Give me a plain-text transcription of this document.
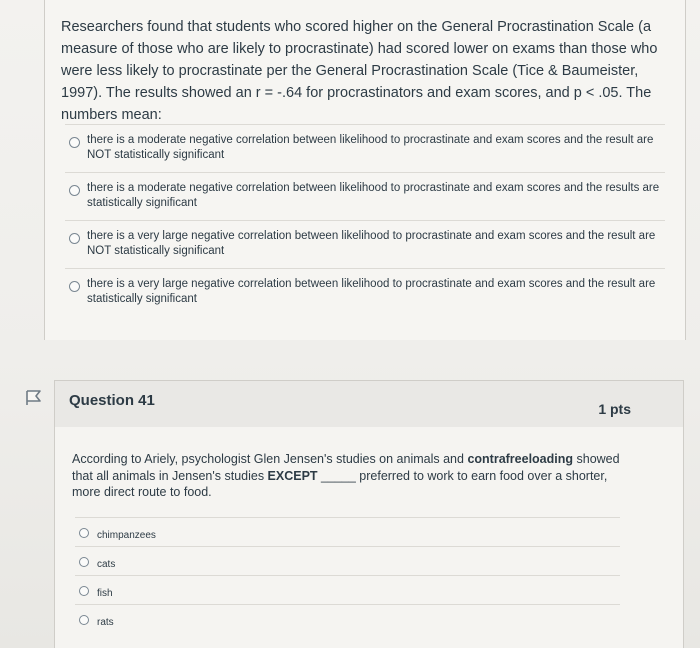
Researchers found that students who scored higher on the General Procrastination Scale (a measure of those who are likely to procrastinate) had scored lower on exams than those who were less likely to procrastinate per the General Procrastination Scale (Tice & Baumeister, 1997). The results showed an r = -.64 for procrastinators and exam scores, and p < .05. The numbers mean:
there is a moderate negative correlation between likelihood to procrastinate and exam scores and the result are NOT statistically significant
there is a moderate negative correlation between likelihood to procrastinate and exam scores and the results are statistically significant
there is a very large negative correlation between likelihood to procrastinate and exam scores and the result are NOT statistically significant
there is a very large negative correlation between likelihood to procrastinate and exam scores and the result are statistically significant
Question 41	1 pts
According to Ariely, psychologist Glen Jensen's studies on animals and contrafreeloading showed that all animals in Jensen's studies EXCEPT _____ preferred to work to earn food over a shorter, more direct route to food.
chimpanzees
cats
fish
rats
